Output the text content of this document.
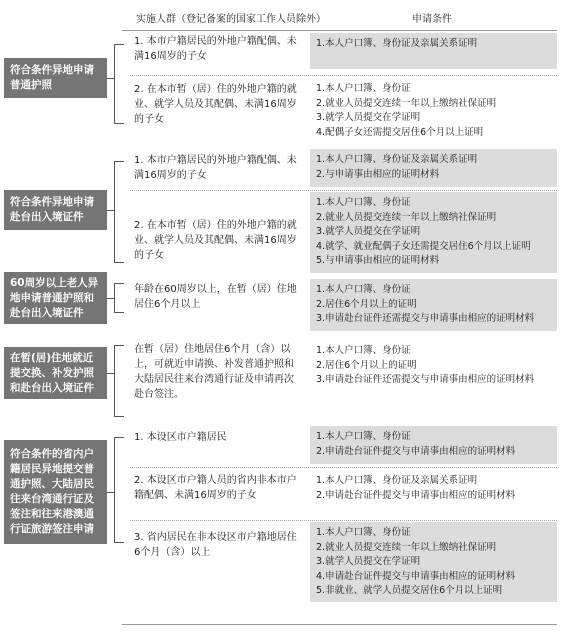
实施人群（登记备案的国家工作人员除外）	申请条件
符合条件异地申请普通护照
1. 本市户籍居民的外地户籍配偶、未满16周岁的子女
1.本人户口簿、身份证及亲属关系证明
2. 在本市暂（居）住的外地户籍的就业、就学人员及其配偶、未满16周岁的子女
1.本人户口簿、身份证
2.就业人员提交连续一年以上缴纳社保证明
3.就学人员提交在学证明
4.配偶子女还需提交居住6个月以上证明
符合条件异地申请赴台出入境证件
1. 本市户籍居民的外地户籍配偶、未满16周岁的子女
1.本人户口簿、身份证及亲属关系证明
2.与申请事由相应的证明材料
2. 在本市暂（居）住的外地户籍的就业、就学人员及其配偶、未满16周岁的子女
1.本人户口簿、身份证
2.就业人员提交连续一年以上缴纳社保证明
3.就学人员提交在学证明
4.就学、就业配偶子女还需提交居住6个月以上证明
5.与申请事由相应的证明材料
60周岁以上老人异地申请普通护照和赴台出入境证件
年龄在60周岁以上，在暂（居）住地居住6个月以上
1.本人户口簿、身份证
2.居住6个月以上的证明
3.申请赴台证件还需提交与申请事由相应的证明材料
在暂(居)住地就近提交换、补发护照和赴台出入境证件
在暂（居）住地居住6个月（含）以上，可就近申请换、补发普通护照和大陆居民往来台湾通行证及申请再次赴台签注。
1.本人户口簿、身份证
2.居住6个月以上的证明
3.申请赴台证件还需提交与申请事由相应的证明材料
符合条件的省内户籍居民异地提交普通护照、大陆居民往来台湾通行证及签注和往来港澳通行证旅游签注申请
1. 本设区市户籍居民	1.本人户口簿、身份证
2.申请赴台证件提交与申请事由相应的证明材料
2. 本设区市户籍人员的省内非本市户籍配偶、未满16周岁的子女
1.本人户口簿、身份证及亲属关系证明
2.申请赴台证件提交与申请事由相应的证明材料
3. 省内居民在非本设区市户籍地居住6个月（含）以上
1.本人户口簿、身份证
2.就业人员提交连续一年以上缴纳社保证明
3.就学人员提交在学证明
4.申请赴台证件提交与申请事由相应的证明材料
5.非就业、就学人员提交居住6个月以上证明
